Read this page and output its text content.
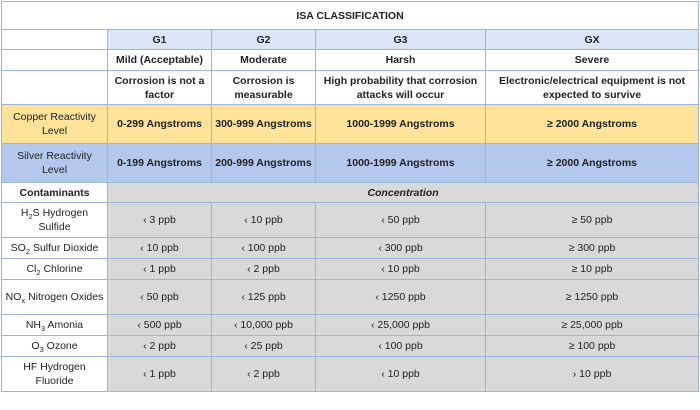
ISA CLASSIFICATION				
	G1	G2	G3	GX
	Mild (Acceptable)	Moderate	Harsh	Severe
	Corrosion is not a factor	Corrosion is measurable	High probability that corrosion attacks will occur	Electronic/electrical equipment is not expected to survive
Copper Reactivity Level	0-299 Angstroms	300-999 Angstroms	1000-1999 Angstroms	≥ 2000 Angstroms
Silver Reactivity Level	0-199 Angstroms	200-999 Angstroms	1000-1999 Angstroms	≥ 2000 Angstroms
Contaminants	Concentration			
$H_2S$ Hydrogen Sulfide	‹ 3 ppb	‹ 10 ppb	‹ 50 ppb	≥ 50 ppb
$SO_2$ Sulfur Dioxide	‹ 10 ppb	‹ 100 ppb	‹ 300 ppb	≥ 300 ppb
$Cl_2$ Chlorine	‹ 1 ppb	‹ 2 ppb	‹ 10 ppb	≥ 10 ppb
$NO_x$ Nitrogen Oxides	‹ 50 ppb	‹ 125 ppb	‹ 1250 ppb	≥ 1250 ppb
$NH_3$ Amonia	‹ 500 ppb	‹ 10,000 ppb	‹ 25,000 ppb	≥ 25,000 ppb
$O_3$ Ozone	‹ 2 ppb	‹ 25 ppb	‹ 100 ppb	≥ 100 ppb
HF Hydrogen Fluoride	‹ 1 ppb	‹ 2 ppb	‹ 10 ppb	› 10 ppb
